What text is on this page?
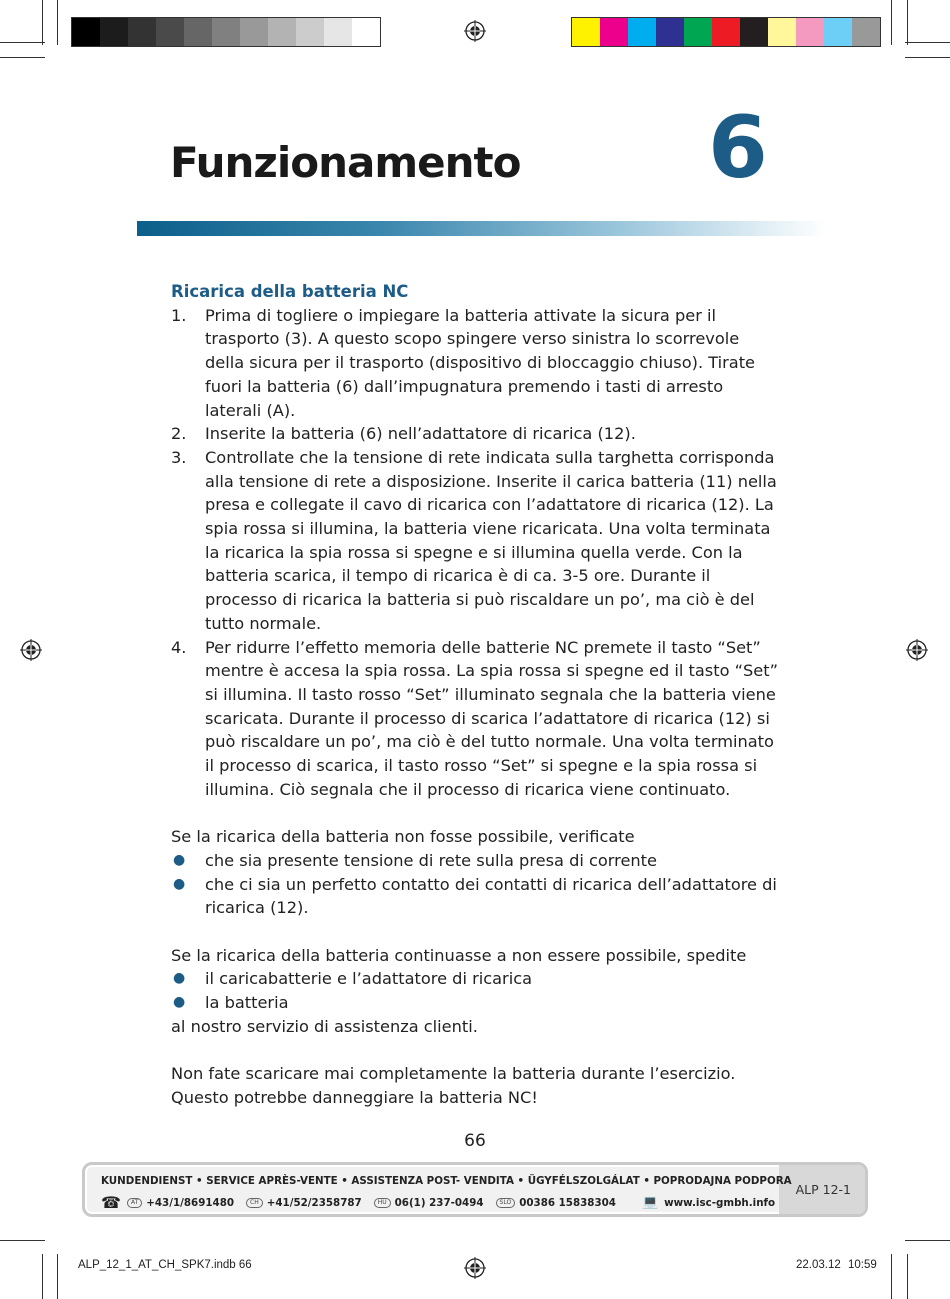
Funzionamento 6
Ricarica della batteria NC
1.	Prima di togliere o impiegare la batteria attivate la sicura per il trasporto (3). A questo scopo spingere verso sinistra lo scorrevole della sicura per il trasporto (dispositivo di bloccaggio chiuso). Tirate fuori la batteria (6) dall’impugnatura premendo i tasti di arresto laterali (A).
2.	Inserite la batteria (6) nell’adattatore di ricarica (12).
3.	Controllate che la tensione di rete indicata sulla targhetta corrisponda alla tensione di rete a disposizione. Inserite il carica batteria (11) nella presa e collegate il cavo di ricarica con l’adattatore di ricarica (12). La spia rossa si illumina, la batteria viene ricaricata. Una volta terminata la ricarica la spia rossa si spegne e si illumina quella verde. Con la batteria scarica, il tempo di ricarica è di ca. 3-5 ore. Durante il processo di ricarica la batteria si può riscaldare un po’, ma ciò è del tutto normale.
4.	Per ridurre l’effetto memoria delle batterie NC premete il tasto “Set” mentre è accesa la spia rossa. La spia rossa si spegne ed il tasto “Set” si illumina. Il tasto rosso “Set” illuminato segnala che la batteria viene scaricata. Durante il processo di scarica l’adattatore di ricarica (12) si può riscaldare un po’, ma ciò è del tutto normale. Una volta terminato il processo di scarica, il tasto rosso “Set” si spegne e la spia rossa si illumina. Ciò segnala che il processo di ricarica viene continuato.

Se la ricarica della batteria non fosse possibile, verificate

●	che sia presente tensione di rete sulla presa di corrente
●	che ci sia un perfetto contatto dei contatti di ricarica dell’adattatore di ricarica (12).

Se la ricarica della batteria continuasse a non essere possibile, spedite

●	il caricabatterie e l’adattatore di ricarica
●	la batteria

al nostro servizio di assistenza clienti.

Non fate scaricare mai completamente la batteria durante l’esercizio.

Questo potrebbe danneggiare la batteria NC!

66
KUNDENDIENST • SERVICE APRÈS-VENTE • ASSISTENZA POST- VENDITA • ÜGYFÉLSZOLGÁLAT • POPRODAJNA PODPORA
☎	AT +43/1/8691480	CH +41/52/2358787	HU 06(1) 237-0494	SLO 00386 15838304 💻 www.isc-gmbh.info
ALP 12-1
ALP_12_1_AT_CH_SPK7.indb 66	22.03.12 10:59
